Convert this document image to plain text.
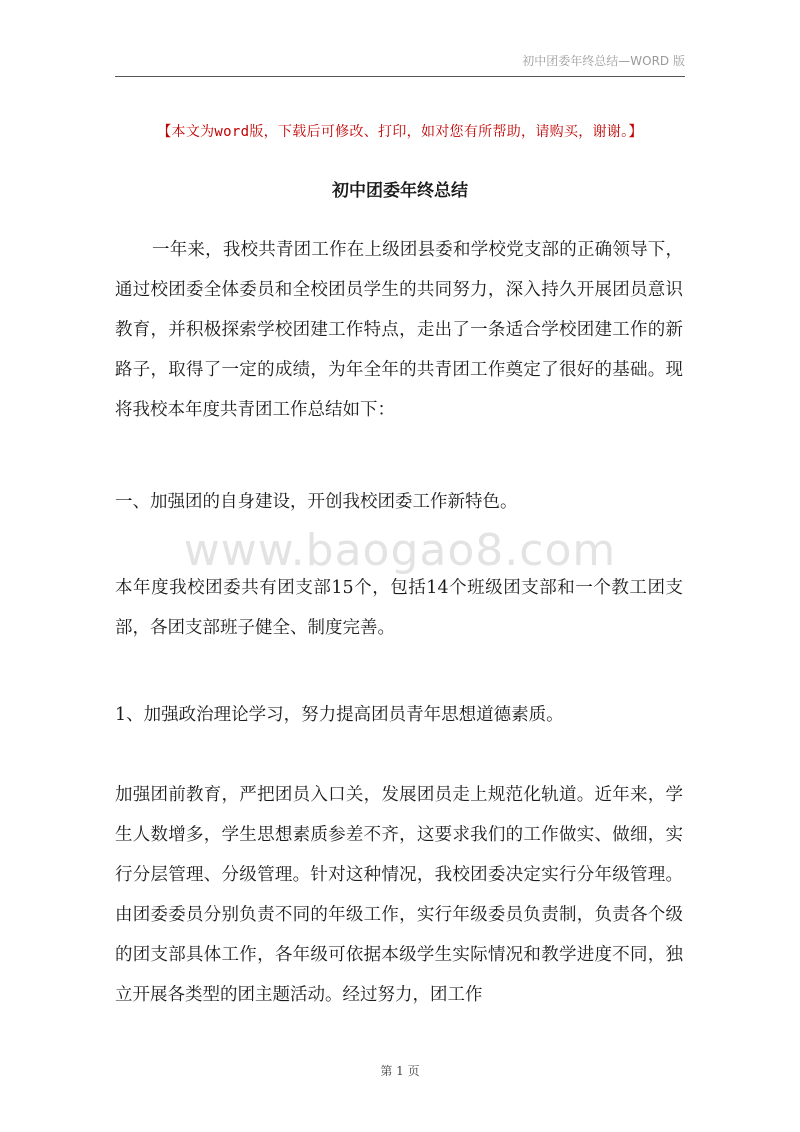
初中团委年终总结—WORD 版
【本文为word版，下载后可修改、打印，如对您有所帮助，请购买，谢谢。】
初中团委年终总结

一年来，我校共青团工作在上级团县委和学校党支部的正确领导下，通过校团委全体委员和全校团员学生的共同努力，深入持久开展团员意识教育，并积极探索学校团建工作特点，走出了一条适合学校团建工作的新路子，取得了一定的成绩，为年全年的共青团工作奠定了很好的基础。现将我校本年度共青团工作总结如下：

一、加强团的自身建设，开创我校团委工作新特色。

www.baogao8.com

本年度我校团委共有团支部15个，包括14个班级团支部和一个教工团支部，各团支部班子健全、制度完善。

1、加强政治理论学习，努力提高团员青年思想道德素质。

加强团前教育，严把团员入口关，发展团员走上规范化轨道。近年来，学生人数增多，学生思想素质参差不齐，这要求我们的工作做实、做细，实行分层管理、分级管理。针对这种情况，我校团委决定实行分年级管理。由团委委员分别负责不同的年级工作，实行年级委员负责制，负责各个级的团支部具体工作，各年级可依据本级学生实际情况和教学进度不同，独立开展各类型的团主题活动。经过努力，团工作

第 1 页
